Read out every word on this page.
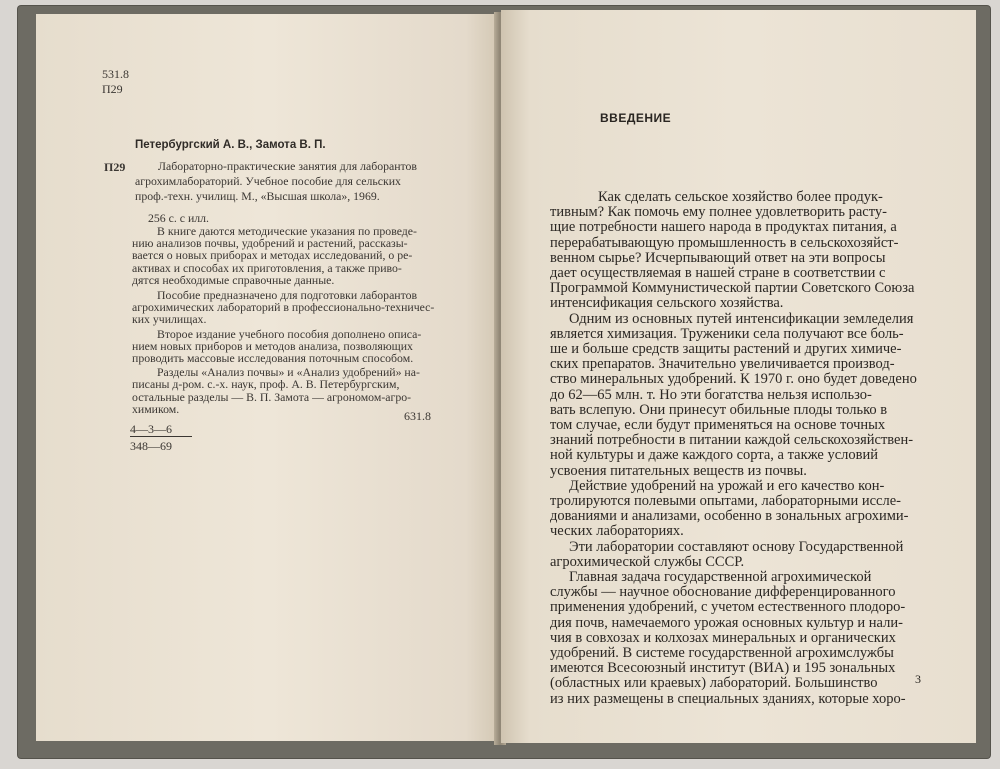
531.8
П29
Петербургский А. В., Замота В. П.
П29	Лабораторно-практические занятия для лаборантов
агрохимлабораторий. Учебное пособие для сельских
проф.-техн. училищ. М., «Высшая школа», 1969.
256 с. с илл.
В книге даются методические указания по проведе-
нию анализов почвы, удобрений и растений, рассказы-
вается о новых приборах и методах исследований, о ре-
активах и способах их приготовления, а также приво-
дятся необходимые справочные данные.
Пособие предназначено для подготовки лаборантов
агрохимических лабораторий в профессионально-техничес-
ких училищах.
Второе издание учебного пособия дополнено описа-
нием новых приборов и методов анализа, позволяющих
проводить массовые исследования поточным способом.
Разделы «Анализ почвы» и «Анализ удобрений» на-
писаны д-ром. с.-х. наук, проф. А. В. Петербургским,
остальные разделы — В. П. Замота — агрономом-агро-
химиком.
631.8
4—3—6
348—69
ВВЕДЕНИЕ
Как сделать сельское хозяйство более продук-
тивным? Как помочь ему полнее удовлетворить расту-
щие потребности нашего народа в продуктах питания, а
перерабатывающую промышленность в сельскохозяйст-
венном сырье? Исчерпывающий ответ на эти вопросы
дает осуществляемая в нашей стране в соответствии с
Программой Коммунистической партии Советского Союза
интенсификация сельского хозяйства.
Одним из основных путей интенсификации земледелия
является химизация. Труженики села получают все боль-
ше и больше средств защиты растений и других химиче-
ских препаратов. Значительно увеличивается производ-
ство минеральных удобрений. К 1970 г. оно будет доведено
до 62—65 млн. т. Но эти богатства нельзя использо-
вать вслепую. Они принесут обильные плоды только в
том случае, если будут применяться на основе точных
знаний потребности в питании каждой сельскохозяйствен-
ной культуры и даже каждого сорта, а также условий
усвоения питательных веществ из почвы.
Действие удобрений на урожай и его качество кон-
тролируются полевыми опытами, лабораторными иссле-
дованиями и анализами, особенно в зональных агрохими-
ческих лабораториях.
Эти лаборатории составляют основу Государственной
агрохимической службы СССР.
Главная задача государственной агрохимической
службы — научное обоснование дифференцированного
применения удобрений, с учетом естественного плодоро-
дия почв, намечаемого урожая основных культур и нали-
чия в совхозах и колхозах минеральных и органических
удобрений. В системе государственной агрохимслужбы
имеются Всесоюзный институт (ВИА) и 195 зональных
(областных или краевых) лабораторий. Большинство
из них размещены в специальных зданиях, которые хоро-
3
